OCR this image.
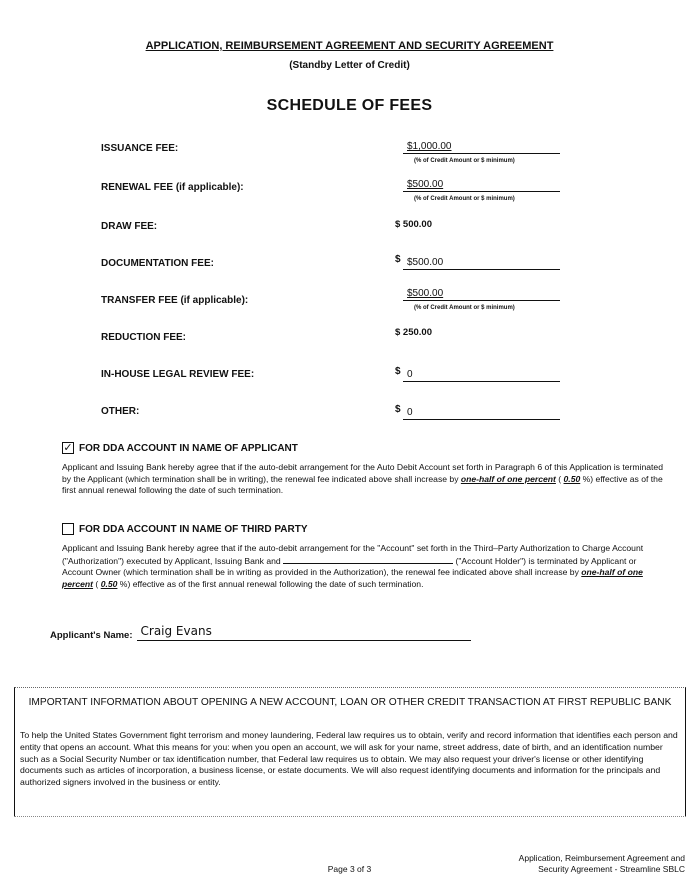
APPLICATION, REIMBURSEMENT AGREEMENT AND SECURITY AGREEMENT
(Standby Letter of Credit)
SCHEDULE OF FEES
ISSUANCE FEE:	$1,000.00
(% of Credit Amount or $ minimum)
RENEWAL FEE (if applicable):	$500.00
(% of Credit Amount or $ minimum)
DRAW FEE:	$ 500.00
DOCUMENTATION FEE:	$ $500.00
TRANSFER FEE (if applicable):
$500.00
(% of Credit Amount or $ minimum)
REDUCTION FEE:	$ 250.00
IN-HOUSE LEGAL REVIEW FEE:	$ 0
OTHER:	$ 0
✓ FOR DDA ACCOUNT IN NAME OF APPLICANT
Applicant and Issuing Bank hereby agree that if the auto-debit arrangement for the Auto Debit Account set forth in Paragraph 6 of this Application is terminated by the Applicant (which termination shall be in writing), the renewal fee indicated above shall increase by one-half of one percent ( 0.50 %) effective as of the first annual renewal following the date of such termination.
FOR DDA ACCOUNT IN NAME OF THIRD PARTY
Applicant and Issuing Bank hereby agree that if the auto-debit arrangement for the "Account" set forth in the Third–Party Authorization to Charge Account ("Authorization") executed by Applicant, Issuing Bank and	("Account Holder") is terminated by Applicant or Account Owner (which termination shall be in writing as provided in the Authorization), the renewal fee indicated above shall increase by one-half of one percent ( 0.50 %) effective as of the first annual renewal following the date of such termination.
Applicant's Name: Craig Evans
IMPORTANT INFORMATION ABOUT OPENING A NEW ACCOUNT, LOAN OR OTHER CREDIT TRANSACTION AT FIRST REPUBLIC BANK
To help the United States Government fight terrorism and money laundering, Federal law requires us to obtain, verify and record information that identifies each person and entity that opens an account. What this means for you: when you open an account, we will ask for your name, street address, date of birth, and an identification number such as a Social Security Number or tax identification number, that Federal law requires us to obtain. We may also request your driver's license or other identifying documents such as articles of incorporation, a business license, or estate documents. We will also request identifying documents and information for the principals and authorized signers involved in the business or entity.
Page 3 of 3
Application, Reimbursement Agreement and
Security Agreement - Streamline SBLC
